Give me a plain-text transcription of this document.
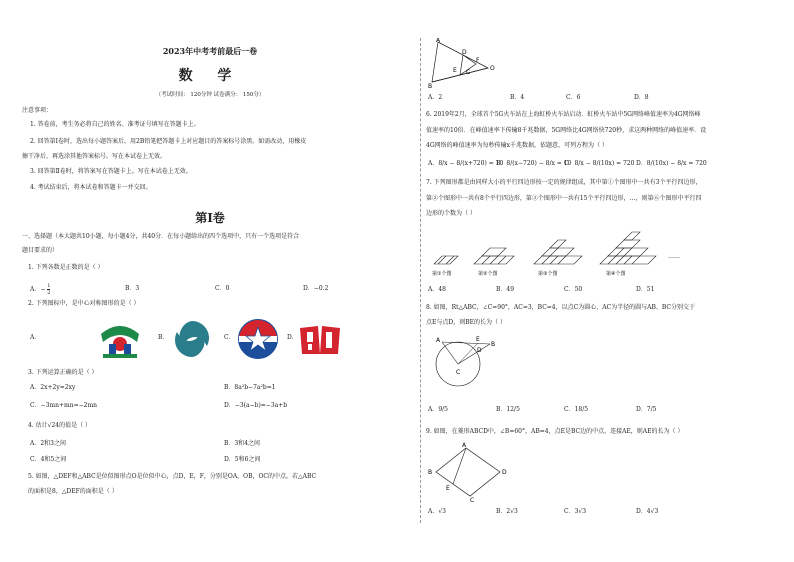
2023年中考考前最后一卷
数 学
（考试时间： 120分钟 试卷满分： 150分）
注意事项：
1. 答卷前，考生务必将自己的姓名、准考证号填写在答题卡上。
2. 回答第Ⅰ卷时，选出每小题答案后，用2B铅笔把答题卡上对应题目的答案标号涂黑。如需改动，用橡皮
擦干净后，再选涂其他答案标号。写在本试卷上无效。
3. 回答第Ⅱ卷时，将答案写在答题卡上。写在本试卷上无效。
4. 考试结束后，将本试卷和答题卡一并交回。
第Ⅰ卷
一、选择题（本大题共10小题，每小题4分，共40分．在每小题给出的四个选项中，只有一个选项是符合
题目要求的）
1. 下列各数是正数的是（ ）
A．− $\frac{1}{2}$	B．3	C．0	D．−0.2
2. 下列图标中，是中心对称图形的是（ ）
A．	B．	C．	D．
3. 下列运算正确的是（ ）
A．2x+2y=2xy	B．8a²b−7a²b=1
C．−3mn+mn=−2mn	D．−3(a−b)=−3a+b
4. 估计√24的值是（ ）
A．2和3之间	B．3和4之间
C．4和5之间	D．5和6之间
5. 如图，△DEF和△ABC是位似图形点O是位似中心，点D，E，F，分别是OA，OB，OC的中点，若△ABC
的面积是8，△DEF的面积是（ ）
A
B
C
D
E
F
O
A．2	B．4	C．6	D．8
6. 2019年2月，全球首个5G火车站在上海虹桥火车站启动．虹桥火车站中5G网络峰值速率为4G网络峰
值速率的10倍．在峰值速率下传输8千兆数据，5G网络比4G网络快720秒，求这两种网络的峰值速率．设
4G网络的峰值速率为每秒传输x千兆数据，依题意，可列方程为（ ）
A．8/x − 8/(x+720) = 10
B．8/(x−720) − 8/x = 10
C．8/x − 8/(10x) = 720 D．8/(10x) − 8/x = 720
7. 下列图形都是由同样大小的平行四边形按一定的规律组成，其中第①个图形中一共有3个平行四边形，
第②个图形中一共有8个平行四边形，第③个图形中一共有15个平行四边形，…，则第⑥个图形中平行四
边形的个数为（ ）
第①个图	第②个图	第③个图	第④个图
……
A．48	B．49	C．50	D．51
8. 如图，Rt△ABC，∠C=90°，AC=3，BC=4，以点C为圆心，AC为半径的圆与AB、BC分别交于
点E与点D，则BE的长为（ ）
A
B
C
D
E
A．9/5	B．12/5	C．18/5	D．7/5
9. 如图，在菱形ABCD中，∠B=60°，AB=4，点E是BC边的中点，连接AE，则AE的长为（ ）
A
B
C
D
E
A．√3	B．2√3	C．3√3	D．4√3
